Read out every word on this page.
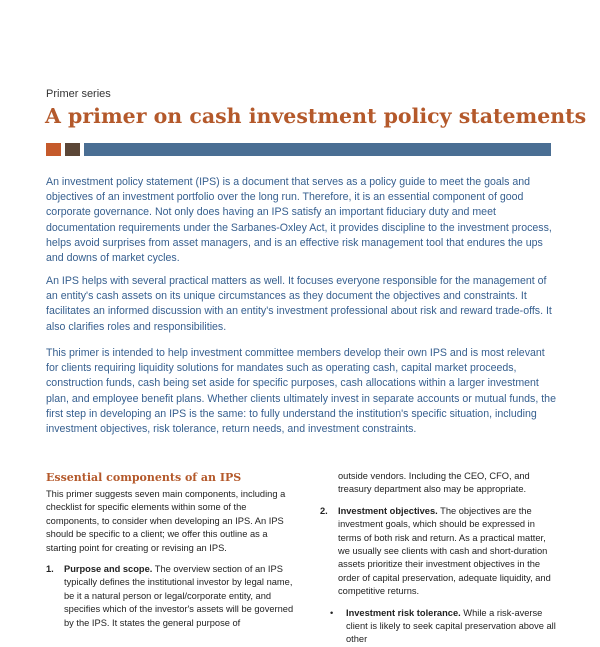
Primer series
A primer on cash investment policy statements

An investment policy statement (IPS) is a document that serves as a policy guide to meet the goals and objectives of an investment portfolio over the long run. Therefore, it is an essential component of good corporate governance. Not only does having an IPS satisfy an important fiduciary duty and meet documentation requirements under the Sarbanes-Oxley Act, it provides discipline to the investment process, helps avoid surprises from asset managers, and is an effective risk management tool that endures the ups and downs of market cycles.

An IPS helps with several practical matters as well. It focuses everyone responsible for the management of an entity's cash assets on its unique circumstances as they document the objectives and constraints. It facilitates an informed discussion with an entity's investment professional about risk and reward trade-offs. It also clarifies roles and responsibilities.

This primer is intended to help investment committee members develop their own IPS and is most relevant for clients requiring liquidity solutions for mandates such as operating cash, capital market proceeds, construction funds, cash being set aside for specific purposes, cash allocations within a larger investment plan, and employee benefit plans. Whether clients ultimately invest in separate accounts or mutual funds, the first step in developing an IPS is the same: to fully understand the institution's specific situation, including investment objectives, risk tolerance, return needs, and investment constraints.

Essential components of an IPS

This primer suggests seven main components, including a checklist for specific elements within some of the components, to consider when developing an IPS. An IPS should be specific to a client; we offer this outline as a starting point for creating or revising an IPS.

1. Purpose and scope. The overview section of an IPS typically defines the institutional investor by legal name, be it a natural person or legal/corporate entity, and specifies which of the investor's assets will be governed by the IPS. It states the general purpose of

outside vendors. Including the CEO, CFO, and treasury department also may be appropriate.

2. Investment objectives. The objectives are the investment goals, which should be expressed in terms of both risk and return. As a practical matter, we usually see clients with cash and short-duration assets prioritize their investment objectives in the order of capital preservation, adequate liquidity, and competitive returns.

• Investment risk tolerance. While a risk-averse client is likely to seek capital preservation above all other
